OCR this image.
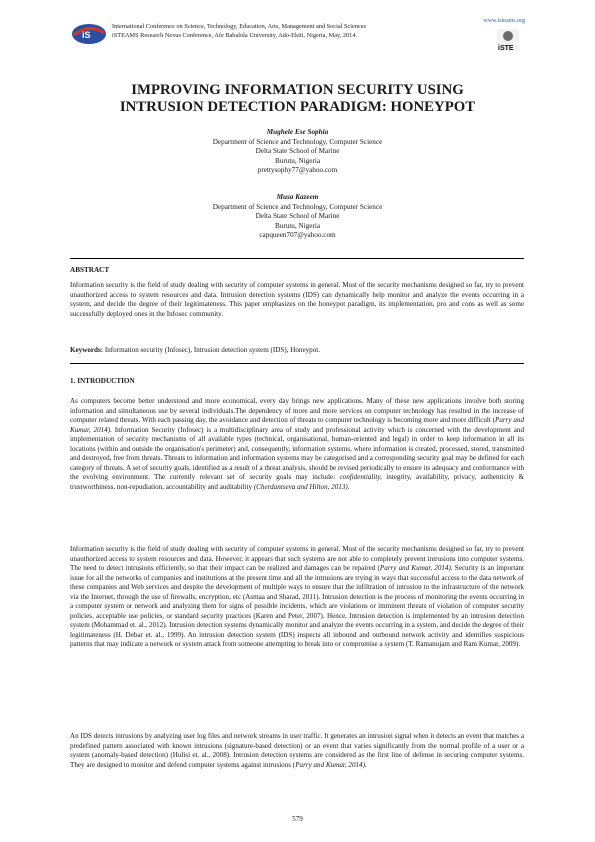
iS
International Conference on Science, Technology, Education, Arts, Management and Social Sciences
iSTEAMS Research Nexus Conference, Afe Babalola University, Ado-Ekiti, Nigeria, May, 2014.
www.isteams.org
iSTE
IMPROVING INFORMATION SECURITY USING
INTRUSION DETECTION PARADIGM: HONEYPOT
Mughele Ese Sophia
Department of Science and Technology, Computer Science
Delta State School of Marine
Burutu, Nigeria
prettysophy77@yahoo.com
Musa Kazeem
Department of Science and Technology, Computer Science
Delta State School of Marine
Burutu, Nigeria
capqueen707@yahoo.com
ABSTRACT

Information security is the field of study dealing with security of computer systems in general. Most of the security mechanisms designed so far, try to prevent unauthorized access to system resources and data. Intrusion detection systems (IDS) can dynamically help monitor and analyze the events occurring in a system, and decide the degree of their legitimateness. This paper emphasizes on the honeypot paradigm, its implementation, pro and cons as well as some successfully deployed ones in the Infosec community.

Keywords: Information security (Infosec), Intrusion detection system (IDS), Honeypot.
1. INTRODUCTION

As computers become better understood and more economical, every day brings new applications. Many of these new applications involve both storing information and simultaneous use by several individuals.The dependency of more and more services on computer technology has resulted in the increase of computer related threats. With each passing day, the avoidance and detection of threats to computer technology is becoming more and more difficult (Parry and Kumar, 2014). Information Security (Infosec) is a multidisciplinary area of study and professional activity which is concerned with the development and implementation of security mechanisms of all available types (technical, organisational, human-oriented and legal) in order to keep information in all its locations (within and outside the organisation's perimeter) and, consequently, information systems, where information is created, processed, stored, transmitted and destroyed, free from threats. Threats to information and information systems may be categorised and a corresponding security goal may be defined for each category of threats. A set of security goals, identified as a result of a threat analysis, should be revised periodically to ensure its adequacy and conformance with the evolving environment. The currently relevant set of security goals may include: confidentiality, integrity, availability, privacy, authenticity & trustworthiness, non-repudiation, accountability and auditability (Cherdantseva and Hilton, 2013).

Information security is the field of study dealing with security of computer systems in general. Most of the security mechanisms designed so far, try to prevent unauthorized access to system resources and data. However, it appears that such systems are not able to completely prevent intrusions into computer systems. The need to detect intrusions efficiently, so that their impact can be realized and damages can be repaired (Parry and Kumar, 2014). Security is an important issue for all the networks of companies and institutions at the present time and all the intrusions are trying in ways that successful access to the data network of these companies and Web services and despite the development of multiple ways to ensure that the infiltration of intrusion to the infrastructure of the network via the Internet, through the use of firewalls, encryption, etc (Asmaa and Sharad, 2011). Intrusion detection is the process of monitoring the events occurring in a computer system or network and analyzing them for signs of possible incidents, which are violations or imminent threats of violation of computer security policies, acceptable use policies, or standard security practices (Karen and Peter, 2007). Hence, Intrusion detection is implemented by an intrusion detection system (Mohammad et. al., 2012). Intrusion detection systems dynamically monitor and analyze the events occurring in a system, and decide the degree of their legitimateness (H. Debar et. al., 1999). An intrusion detection system (IDS) inspects all inbound and outbound network activity and identifies suspicious patterns that may indicate a network or system attack from someone attempting to break into or compromise a system (T. Ramanujam and Ram Kumar, 2009).

An IDS detects intrusions by analyzing user log files and network streams in user traffic. It generates an intrusion signal when it detects an event that matches a predefined pattern associated with known intrusions (signature-based detection) or an event that varies significantly from the normal profile of a user or a system (anomaly-based detection) (Hulisi et. al., 2008). Intrusion detection systems are considered as the first line of defense in securing computer systems. They are designed to monitor and defend computer systems against intrusions (Parry and Kumar, 2014).

579
